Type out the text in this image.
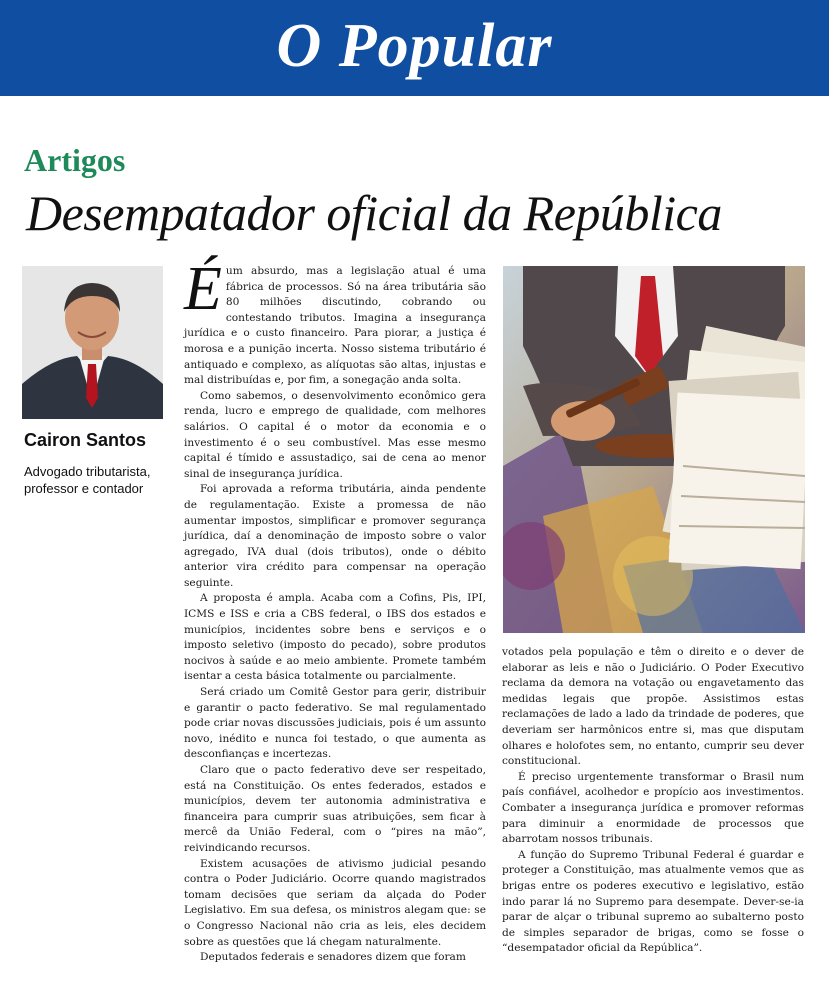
O Popular
Artigos
Desempatador oficial da República
Cairon Santos
Advogado tributarista,
professor e contador

Éum absurdo, mas a legislação atual é uma fábrica de processos. Só na área tributária são 80 milhões discutindo, cobrando ou contestando tributos. Imagina a insegurança jurídica e o custo financeiro. Para piorar, a justiça é morosa e a punição incerta. Nosso sistema tributário é antiquado e complexo, as alíquotas são altas, injustas e mal distribuídas e, por fim, a sonegação anda solta.

Como sabemos, o desenvolvimento econômico gera renda, lucro e emprego de qualidade, com melhores salários. O capital é o motor da economia e o investimento é o seu combustível. Mas esse mesmo capital é tímido e assustadiço, sai de cena ao menor sinal de insegurança jurídica.

Foi aprovada a reforma tributária, ainda pendente de regulamentação. Existe a promessa de não aumentar impostos, simplificar e promover segurança jurídica, daí a denominação de imposto sobre o valor agregado, IVA dual (dois tributos), onde o débito anterior vira crédito para compensar na operação seguinte.

A proposta é ampla. Acaba com a Cofins, Pis, IPI, ICMS e ISS e cria a CBS federal, o IBS dos estados e municípios, incidentes sobre bens e serviços e o imposto seletivo (imposto do pecado), sobre produtos nocivos à saúde e ao meio ambiente. Promete também isentar a cesta básica totalmente ou parcialmente.

Será criado um Comitê Gestor para gerir, distribuir e garantir o pacto federativo. Se mal regulamentado pode criar novas discussões judiciais, pois é um assunto novo, inédito e nunca foi testado, o que aumenta as desconfianças e incertezas.

Claro que o pacto federativo deve ser respeitado, está na Constituição. Os entes federados, estados e municípios, devem ter autonomia administrativa e financeira para cumprir suas atribuições, sem ficar à mercê da União Federal, com o “pires na mão”, reivindicando recursos.

Existem acusações de ativismo judicial pesando contra o Poder Judiciário. Ocorre quando magistrados tomam decisões que seriam da alçada do Poder Legislativo. Em sua defesa, os ministros alegam que: se o Congresso Nacional não cria as leis, eles decidem sobre as questões que lá chegam naturalmente.

Deputados federais e senadores dizem que foram

votados pela população e têm o direito e o dever de elaborar as leis e não o Judiciário. O Poder Executivo reclama da demora na votação ou engavetamento das medidas legais que propõe. Assistimos estas reclamações de lado a lado da trindade de poderes, que deveriam ser harmônicos entre si, mas que disputam olhares e holofotes sem, no entanto, cumprir seu dever constitucional.

É preciso urgentemente transformar o Brasil num país confiável, acolhedor e propício aos investimentos. Combater a insegurança jurídica e promover reformas para diminuir a enormidade de processos que abarrotam nossos tribunais.

A função do Supremo Tribunal Federal é guardar e proteger a Constituição, mas atualmente vemos que as brigas entre os poderes executivo e legislativo, estão indo parar lá no Supremo para desempate. Dever-se-ia parar de alçar o tribunal supremo ao subalterno posto de simples separador de brigas, como se fosse o “desempatador oficial da República”.
